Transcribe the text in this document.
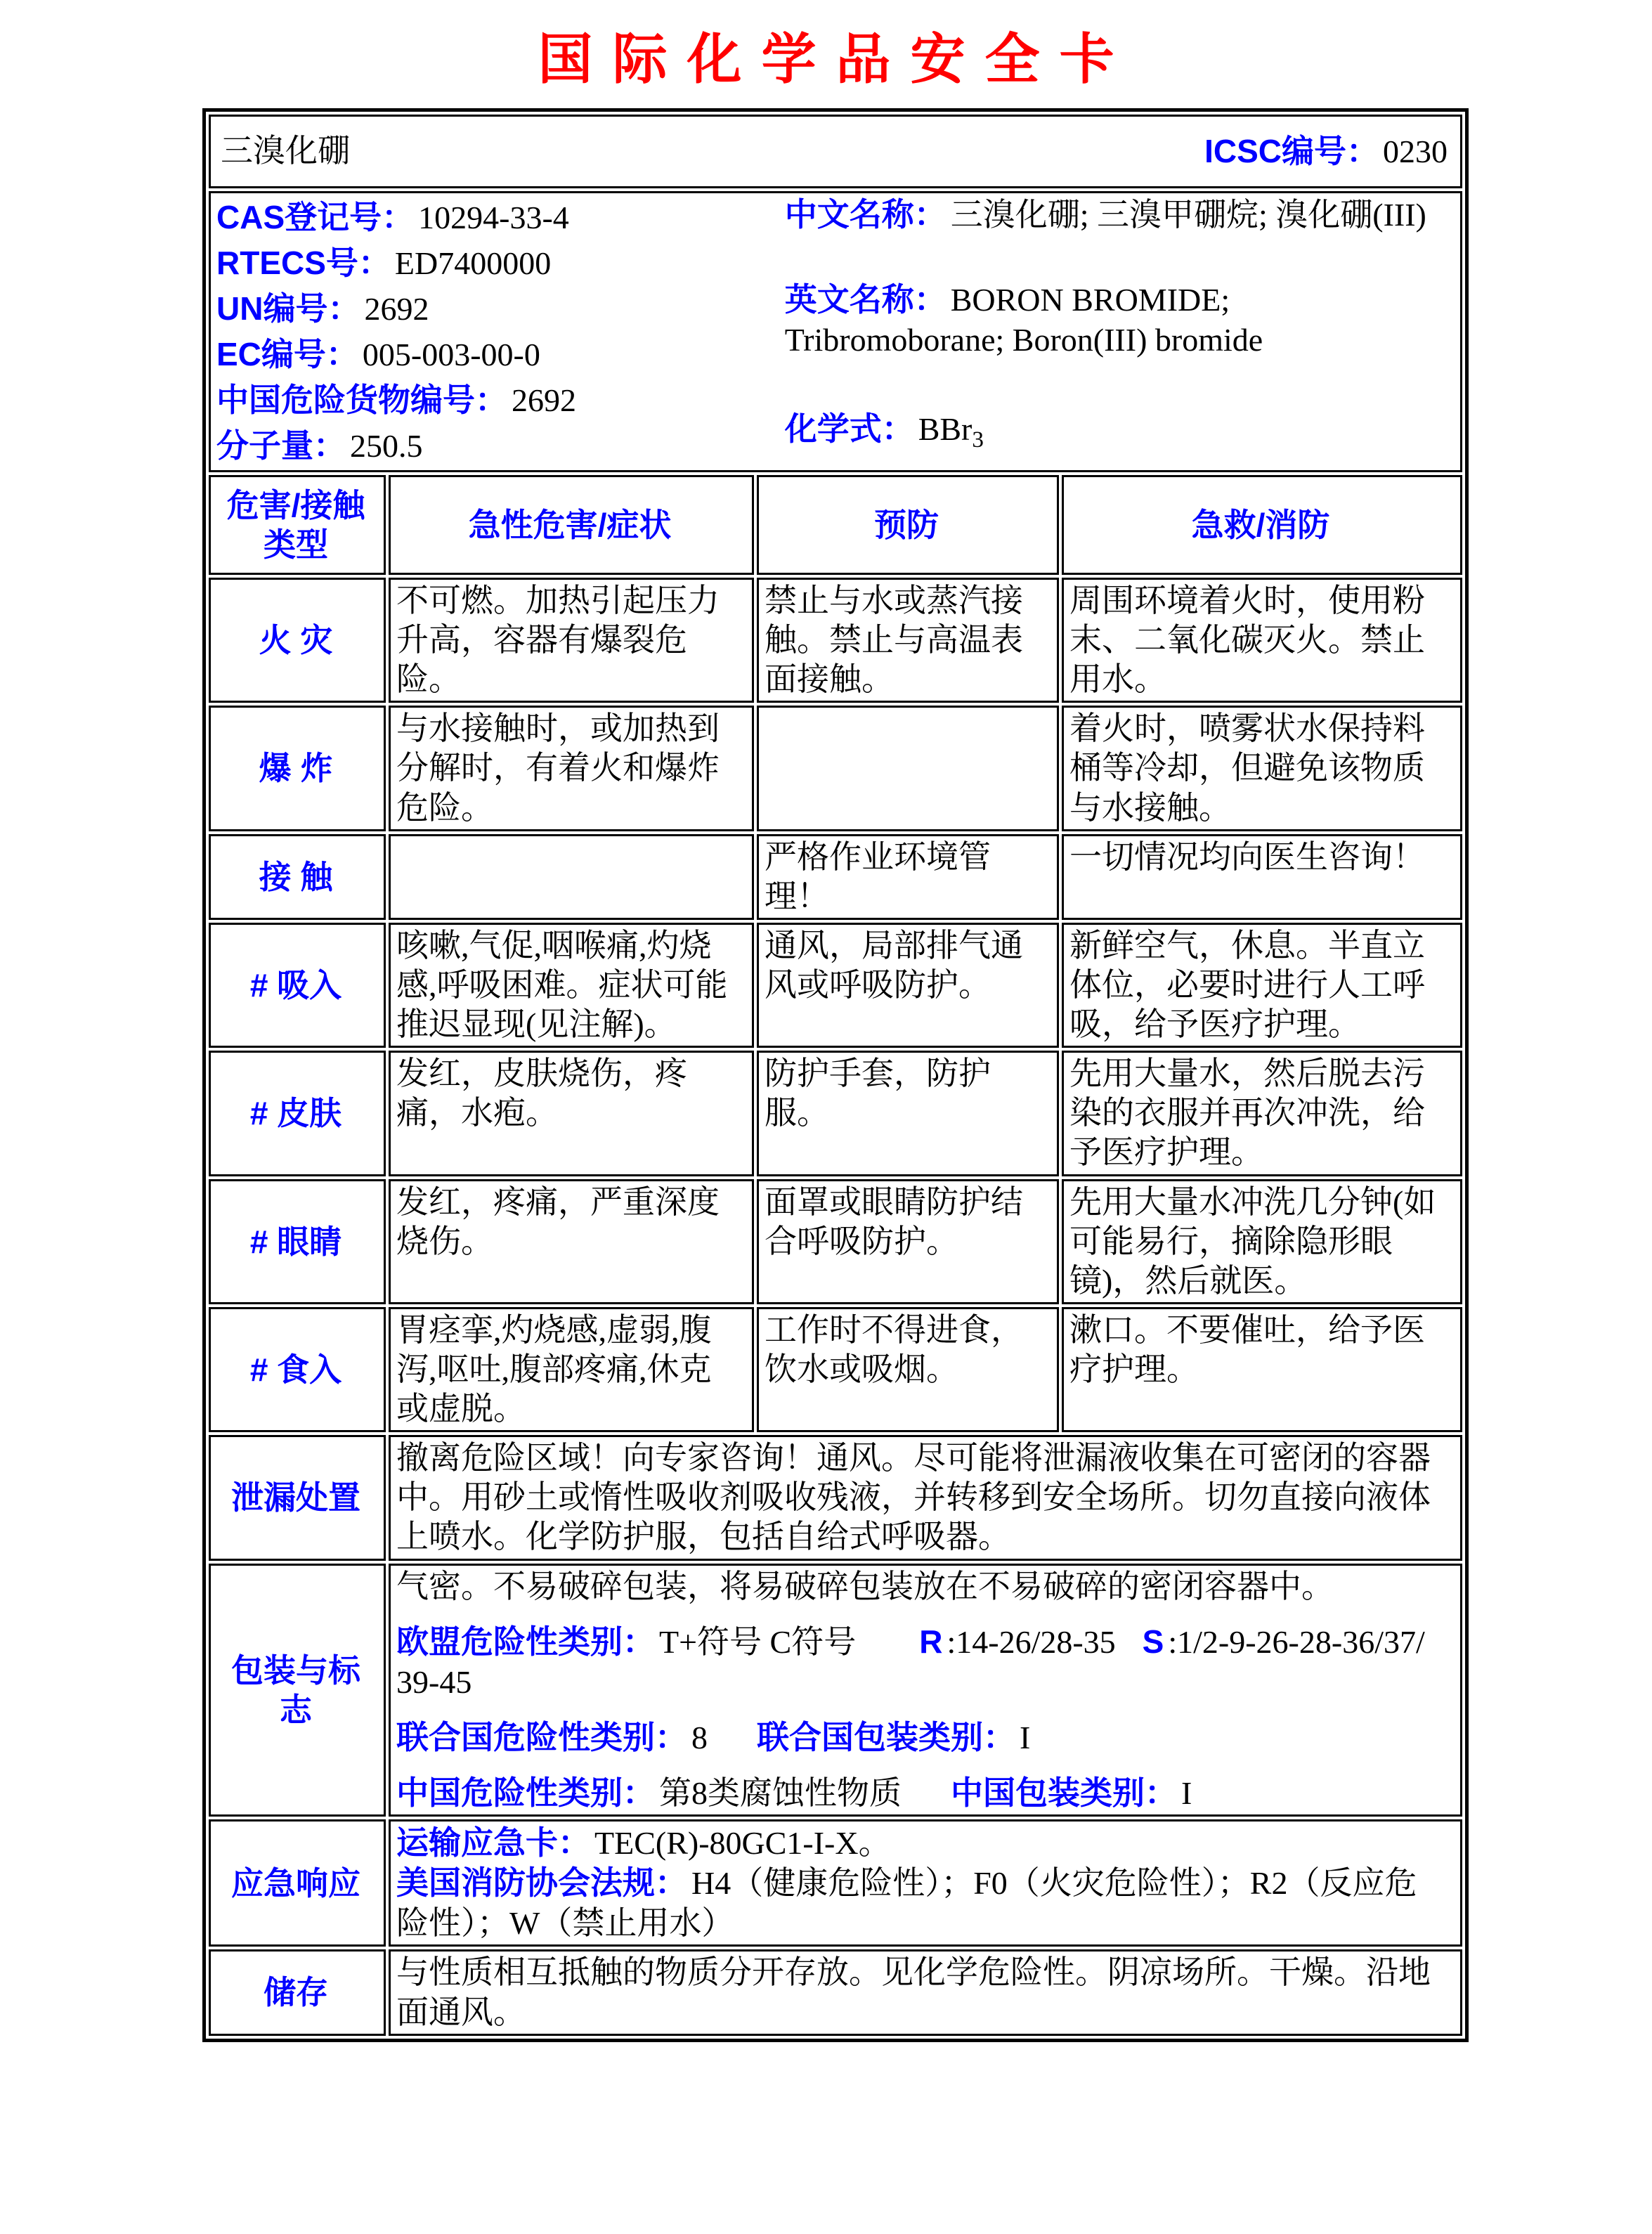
国际化学品安全卡
三溴化硼 ICSC编号： 0230			

CAS登记号： 10294-33-4
RTECS号： ED7400000
UN编号： 2692
EC编号： 005-003-00-0
中国危险货物编号： 2692
分子量： 250.5
中文名称： 三溴化硼; 三溴甲硼烷; 溴化硼(III)
英文名称： BORON BROMIDE; Tribromoborane; Boron(III) bromide
化学式： BBr$_3$

危害/接触
类型	急性危害/症状	预防	急救/消防
火 灾	不可燃。加热引起压力升高，容器有爆裂危险。	禁止与水或蒸汽接触。禁止与高温表面接触。	周围环境着火时，使用粉末、二氧化碳灭火。禁止用水。
爆 炸	与水接触时，或加热到分解时，有着火和爆炸危险。		着火时，喷雾状水保持料桶等冷却，但避免该物质与水接触。
接 触		严格作业环境管理！	一切情况均向医生咨询！
# 吸入	咳嗽,气促,咽喉痛,灼烧感,呼吸困难。症状可能推迟显现(见注解)。	通风，局部排气通风或呼吸防护。	新鲜空气，休息。半直立体位，必要时进行人工呼吸，给予医疗护理。
# 皮肤	发红，皮肤烧伤，疼痛，水疱。	防护手套，防护服。	先用大量水，然后脱去污染的衣服并再次冲洗，给予医疗护理。
# 眼睛	发红，疼痛，严重深度烧伤。	面罩或眼睛防护结合呼吸防护。	先用大量水冲洗几分钟(如可能易行，摘除隐形眼镜)，然后就医。
# 食入	胃痉挛,灼烧感,虚弱,腹泻,呕吐,腹部疼痛,休克或虚脱。	工作时不得进食，饮水或吸烟。	漱口。不要催吐，给予医疗护理。
泄漏处置	撤离危险区域！向专家咨询！通风。尽可能将泄漏液收集在可密闭的容器中。用砂土或惰性吸收剂吸收残液，并转移到安全场所。切勿直接向液体上喷水。化学防护服，包括自给式呼吸器。		
包装与标志	气密。不易破碎包装，将易破碎包装放在不易破碎的密闭容器中。
欧盟危险性类别： T+符号 C符号 R :14-26/28-35 S :1/2-9-26-28-36/37/39-45
联合国危险性类别： 8 联合国包装类别： I
中国危险性类别： 第8类腐蚀性物质 中国包装类别： I		

应急响应	运输应急卡： TEC(R)-80GC1-I-X。
美国消防协会法规： H4（健康危险性）；F0（火灾危险性）；R2（反应危险性）；W（禁止用水）		

储存	与性质相互抵触的物质分开存放。见化学危险性。阴凉场所。干燥。沿地面通风。		
